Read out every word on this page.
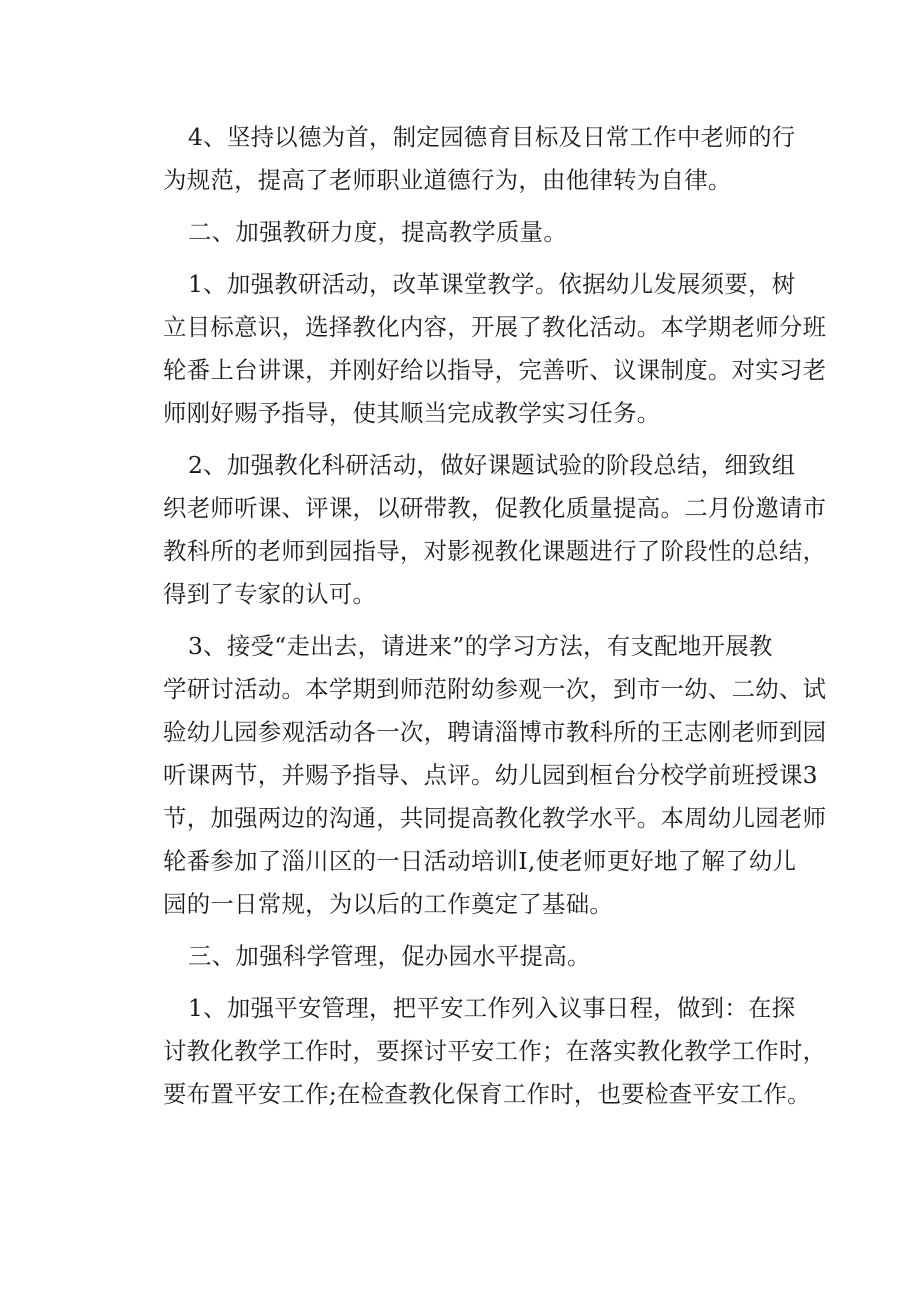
4、坚持以德为首，制定园德育目标及日常工作中老师的行
为规范，提高了老师职业道德行为，由他律转为自律。
二、加强教研力度，提高教学质量。
1、加强教研活动，改革课堂教学。依据幼儿发展须要，树
立目标意识，选择教化内容，开展了教化活动。本学期老师分班
轮番上台讲课，并刚好给以指导，完善听、议课制度。对实习老
师刚好赐予指导，使其顺当完成教学实习任务。
2、加强教化科研活动，做好课题试验的阶段总结，细致组
织老师听课、评课，以研带教，促教化质量提高。二月份邀请市
教科所的老师到园指导，对影视教化课题进行了阶段性的总结，
得到了专家的认可。
3、接受“走出去，请进来”的学习方法，有支配地开展教
学研讨活动。本学期到师范附幼参观一次，到市一幼、二幼、试
验幼儿园参观活动各一次，聘请淄博市教科所的王志刚老师到园
听课两节，并赐予指导、点评。幼儿园到桓台分校学前班授课3
节，加强两边的沟通，共同提高教化教学水平。本周幼儿园老师
轮番参加了淄川区的一日活动培训I,使老师更好地了解了幼儿
园的一日常规，为以后的工作奠定了基础。
三、加强科学管理，促办园水平提高。
1、加强平安管理，把平安工作列入议事日程，做到：在探
讨教化教学工作时，要探讨平安工作；在落实教化教学工作时，
要布置平安工作;在检查教化保育工作时，也要检查平安工作。
